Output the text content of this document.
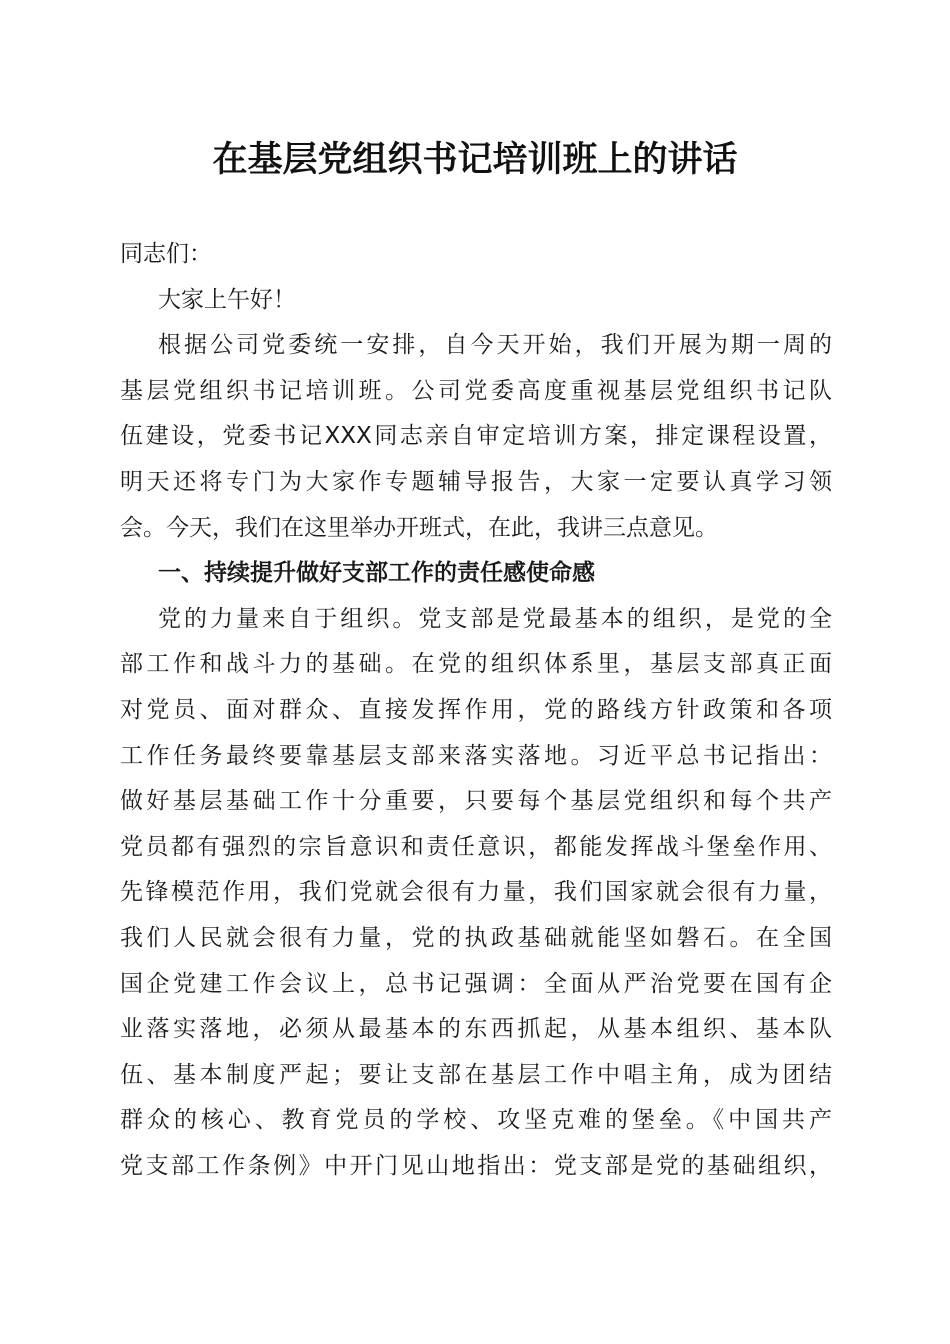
在基层党组织书记培训班上的讲话
同志们：
大家上午好！
根据公司党委统一安排，自今天开始，我们开展为期一周的
基层党组织书记培训班。公司党委高度重视基层党组织书记队
伍建设，党委书记XXX同志亲自审定培训方案，排定课程设置，
明天还将专门为大家作专题辅导报告，大家一定要认真学习领
会。今天，我们在这里举办开班式，在此，我讲三点意见。
一、持续提升做好支部工作的责任感使命感
党的力量来自于组织。党支部是党最基本的组织，是党的全
部工作和战斗力的基础。在党的组织体系里，基层支部真正面
对党员、面对群众、直接发挥作用，党的路线方针政策和各项
工作任务最终要靠基层支部来落实落地。习近平总书记指出：
做好基层基础工作十分重要，只要每个基层党组织和每个共产
党员都有强烈的宗旨意识和责任意识，都能发挥战斗堡垒作用、
先锋模范作用，我们党就会很有力量，我们国家就会很有力量，
我们人民就会很有力量，党的执政基础就能坚如磐石。在全国
国企党建工作会议上，总书记强调：全面从严治党要在国有企
业落实落地，必须从最基本的东西抓起，从基本组织、基本队
伍、基本制度严起；要让支部在基层工作中唱主角，成为团结
群众的核心、教育党员的学校、攻坚克难的堡垒。《中国共产
党支部工作条例》中开门见山地指出：党支部是党的基础组织，
